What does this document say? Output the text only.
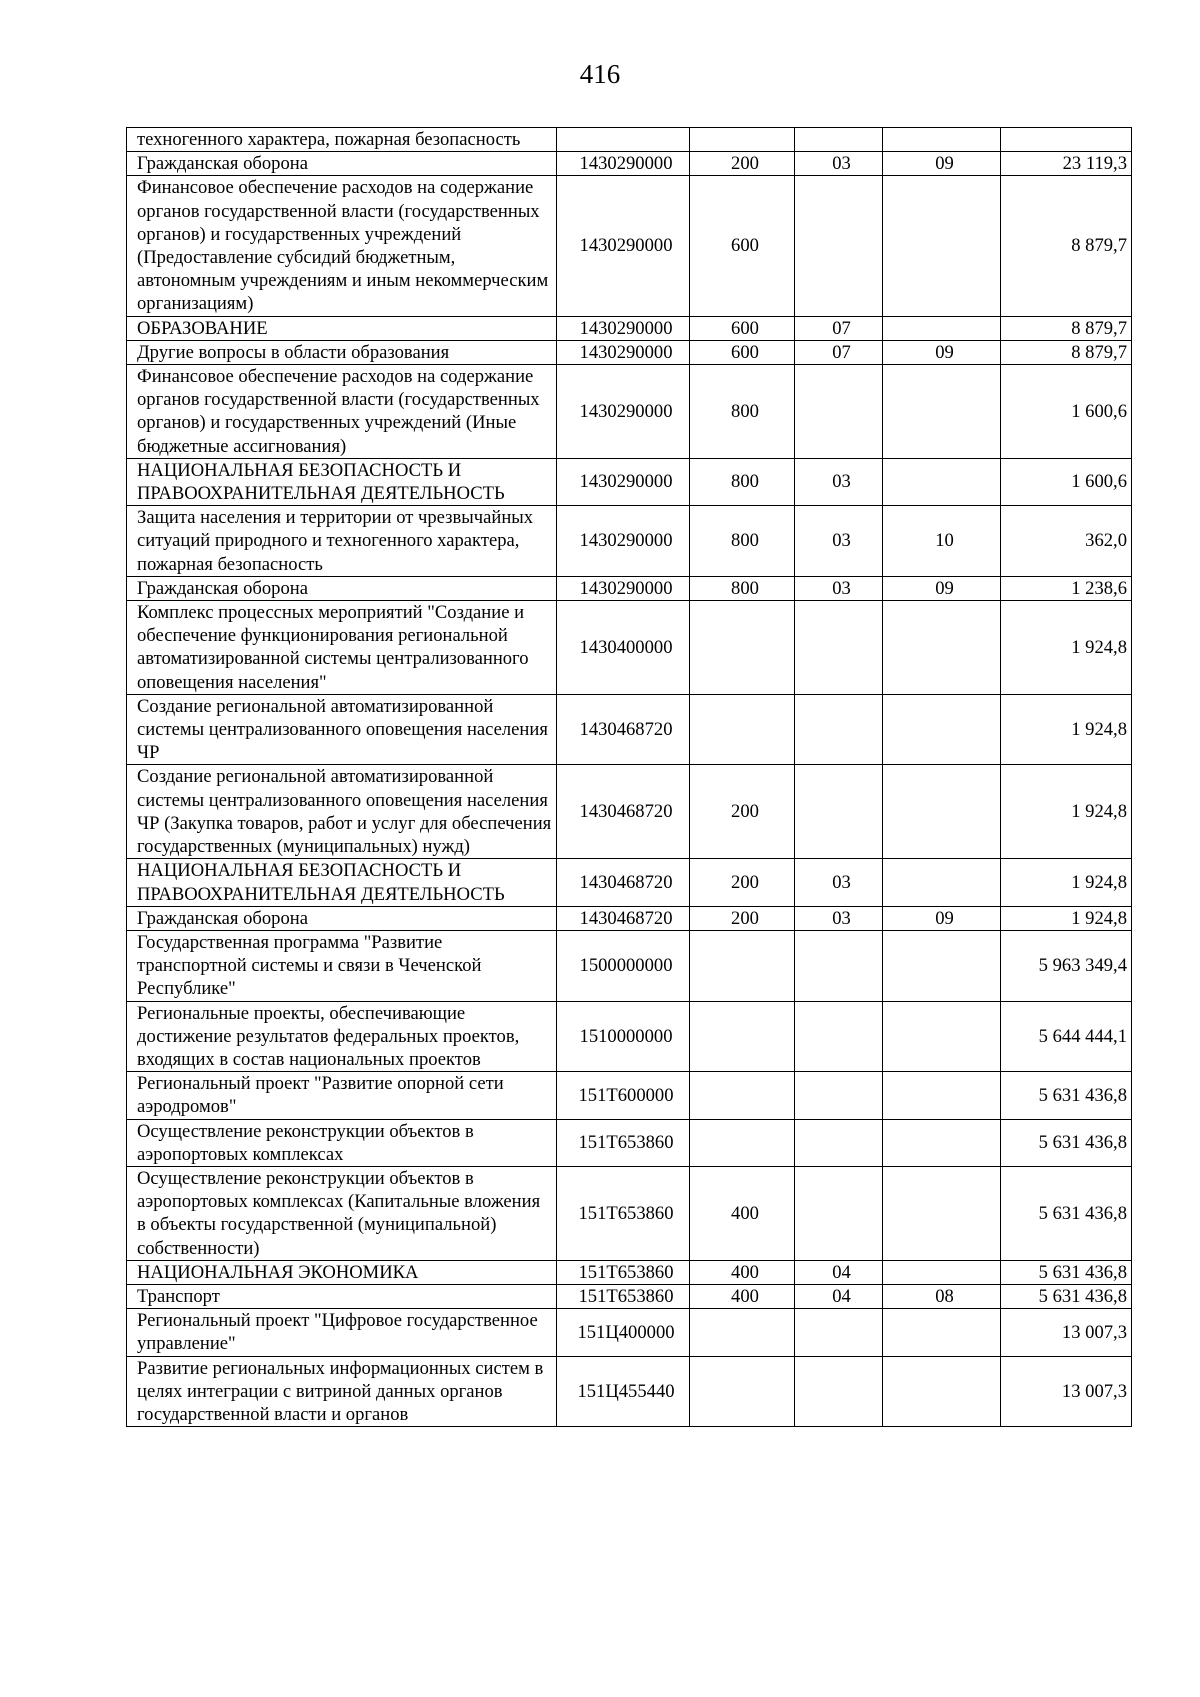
416
техногенного характера, пожарная безопасность					
Гражданская оборона	1430290000	200	03	09	23 119,3
Финансовое обеспечение расходов на содержание органов государственной власти (государственных органов) и государственных учреждений (Предоставление субсидий бюджетным, автономным учреждениям и иным некоммерческим организациям)	1430290000	600			8 879,7
ОБРАЗОВАНИЕ	1430290000	600	07		8 879,7
Другие вопросы в области образования	1430290000	600	07	09	8 879,7
Финансовое обеспечение расходов на содержание органов государственной власти (государственных органов) и государственных учреждений (Иные бюджетные ассигнования)	1430290000	800			1 600,6
НАЦИОНАЛЬНАЯ БЕЗОПАСНОСТЬ И ПРАВООХРАНИТЕЛЬНАЯ ДЕЯТЕЛЬНОСТЬ	1430290000	800	03		1 600,6
Защита населения и территории от чрезвычайных ситуаций природного и техногенного характера, пожарная безопасность	1430290000	800	03	10	362,0
Гражданская оборона	1430290000	800	03	09	1 238,6
Комплекс процессных мероприятий "Создание и обеспечение функционирования региональной автоматизированной системы централизованного оповещения населения"	1430400000				1 924,8
Создание региональной автоматизированной системы централизованного оповещения населения ЧР	1430468720				1 924,8
Создание региональной автоматизированной системы централизованного оповещения населения ЧР (Закупка товаров, работ и услуг для обеспечения государственных (муниципальных) нужд)	1430468720	200			1 924,8
НАЦИОНАЛЬНАЯ БЕЗОПАСНОСТЬ И ПРАВООХРАНИТЕЛЬНАЯ ДЕЯТЕЛЬНОСТЬ	1430468720	200	03		1 924,8
Гражданская оборона	1430468720	200	03	09	1 924,8
Государственная программа "Развитие транспортной системы и связи в Чеченской Республике"	1500000000				5 963 349,4
Региональные проекты, обеспечивающие достижение результатов федеральных проектов, входящих в состав национальных проектов	1510000000				5 644 444,1
Региональный проект "Развитие опорной сети аэродромов"	151Т600000				5 631 436,8
Осуществление реконструкции объектов в аэропортовых комплексах	151Т653860				5 631 436,8
Осуществление реконструкции объектов в аэропортовых комплексах (Капитальные вложения в объекты государственной (муниципальной) собственности)	151Т653860	400			5 631 436,8
НАЦИОНАЛЬНАЯ ЭКОНОМИКА	151Т653860	400	04		5 631 436,8
Транспорт	151Т653860	400	04	08	5 631 436,8
Региональный проект "Цифровое государственное управление"	151Ц400000				13 007,3
Развитие региональных информационных систем в целях интеграции с витриной данных органов государственной власти и органов	151Ц455440				13 007,3
